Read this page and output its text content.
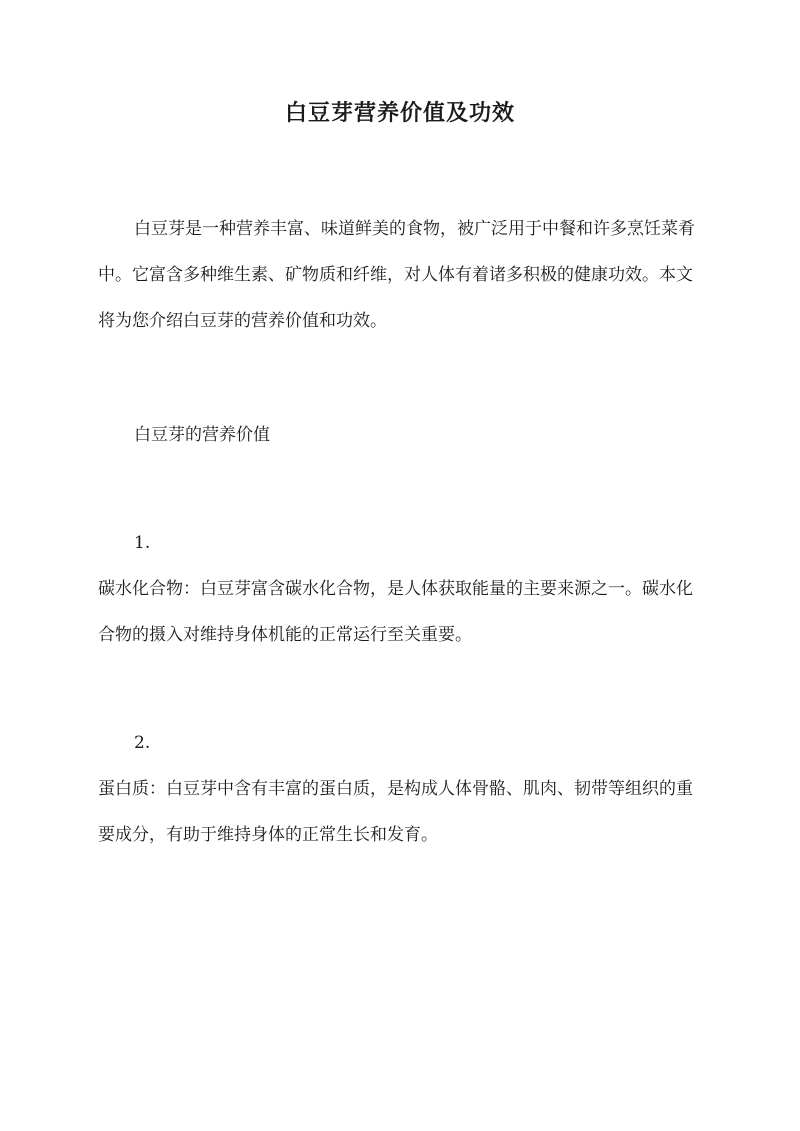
白豆芽营养价值及功效

白豆芽是一种营养丰富、味道鲜美的食物，被广泛用于中餐和许多烹饪菜肴中。它富含多种维生素、矿物质和纤维，对人体有着诸多积极的健康功效。本文将为您介绍白豆芽的营养价值和功效。

白豆芽的营养价值

1.

碳水化合物：白豆芽富含碳水化合物，是人体获取能量的主要来源之一。碳水化合物的摄入对维持身体机能的正常运行至关重要。

2.

蛋白质：白豆芽中含有丰富的蛋白质，是构成人体骨骼、肌肉、韧带等组织的重要成分，有助于维持身体的正常生长和发育。
